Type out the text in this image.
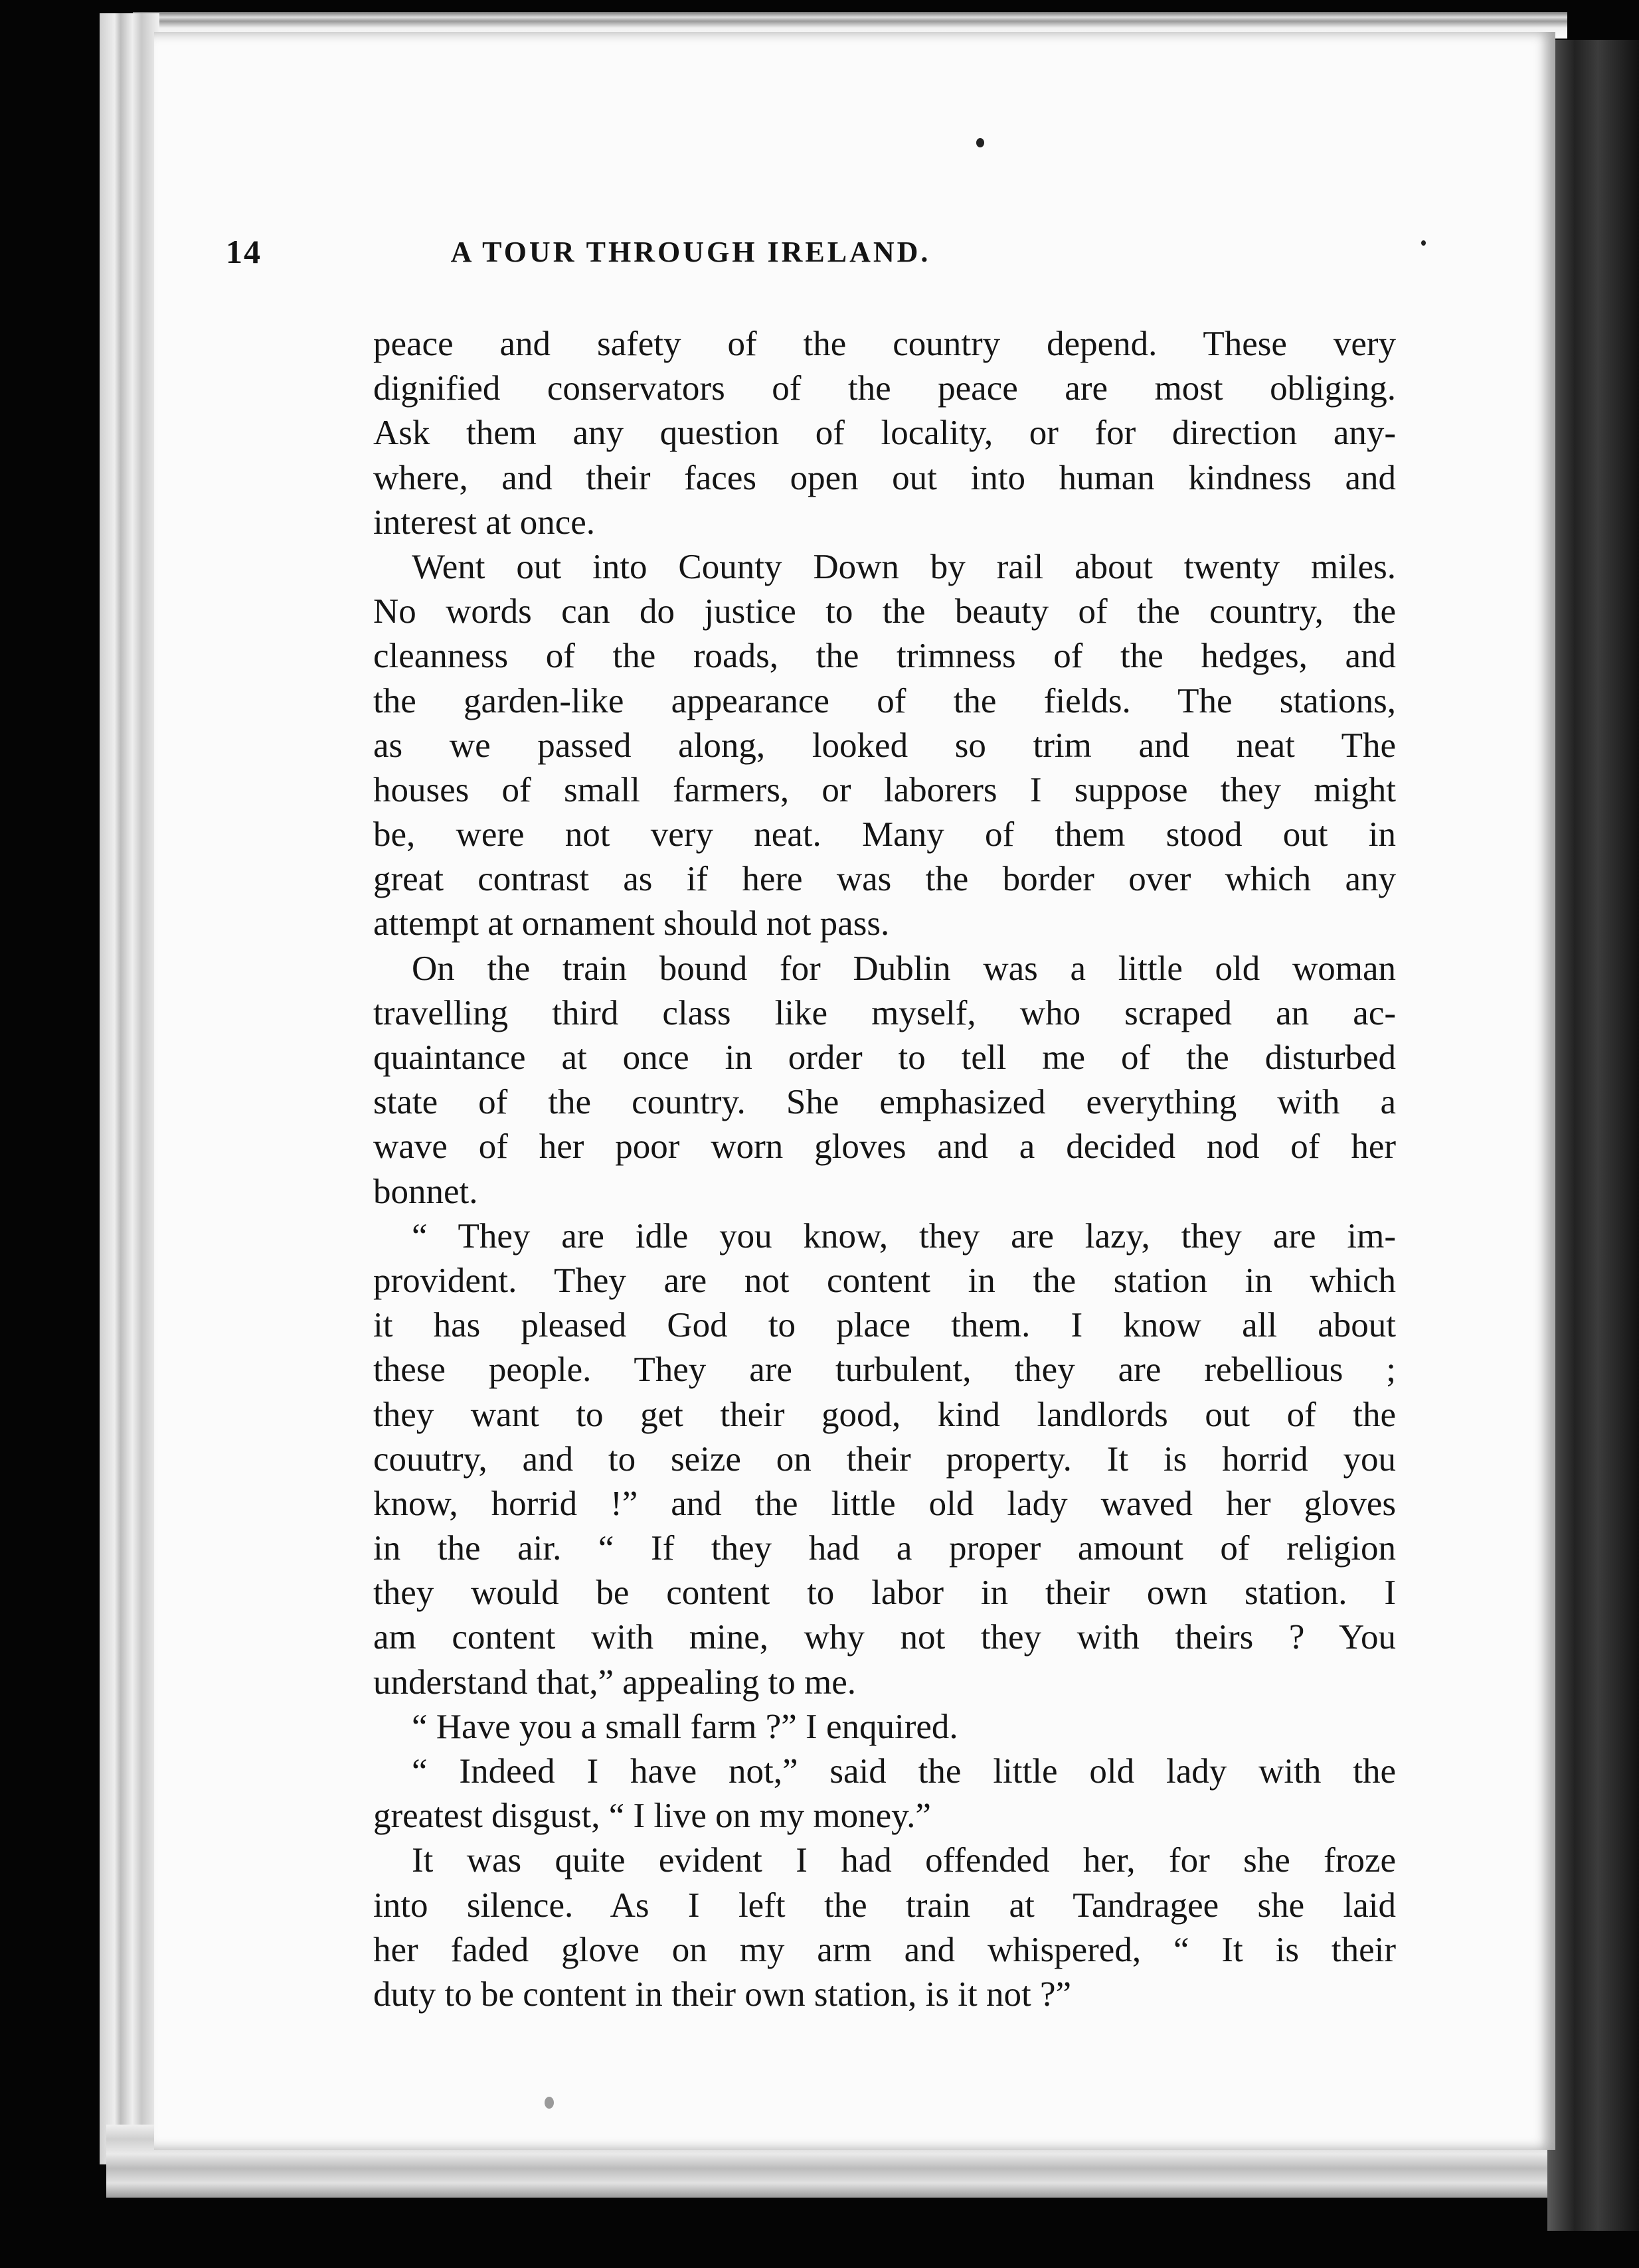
14	A TOUR THROUGH IRELAND.
peace and safety of the country depend. These very
dignified conservators of the peace are most obliging.
Ask them any question of locality, or for direction any-
where, and their faces open out into human kindness and
interest at once.
Went out into County Down by rail about twenty miles.
No words can do justice to the beauty of the country, the
cleanness of the roads, the trimness of the hedges, and
the garden-like appearance of the fields. The stations,
as we passed along, looked so trim and neat The
houses of small farmers, or laborers I suppose they might
be, were not very neat. Many of them stood out in
great contrast as if here was the border over which any
attempt at ornament should not pass.
On the train bound for Dublin was a little old woman
travelling third class like myself, who scraped an ac-
quaintance at once in order to tell me of the disturbed
state of the country. She emphasized everything with a
wave of her poor worn gloves and a decided nod of her
bonnet.
“ They are idle you know, they are lazy, they are im-
provident. They are not content in the station in which
it has pleased God to place them. I know all about
these people. They are turbulent, they are rebellious ;
they want to get their good, kind landlords out of the
couutry, and to seize on their property. It is horrid you
know, horrid !” and the little old lady waved her gloves
in the air. “ If they had a proper amount of religion
they would be content to labor in their own station. I
am content with mine, why not they with theirs ? You
understand that,” appealing to me.
“ Have you a small farm ?” I enquired.
“ Indeed I have not,” said the little old lady with the
greatest disgust, “ I live on my money.”
It was quite evident I had offended her, for she froze
into silence. As I left the train at Tandragee she laid
her faded glove on my arm and whispered, “ It is their
duty to be content in their own station, is it not ?”
